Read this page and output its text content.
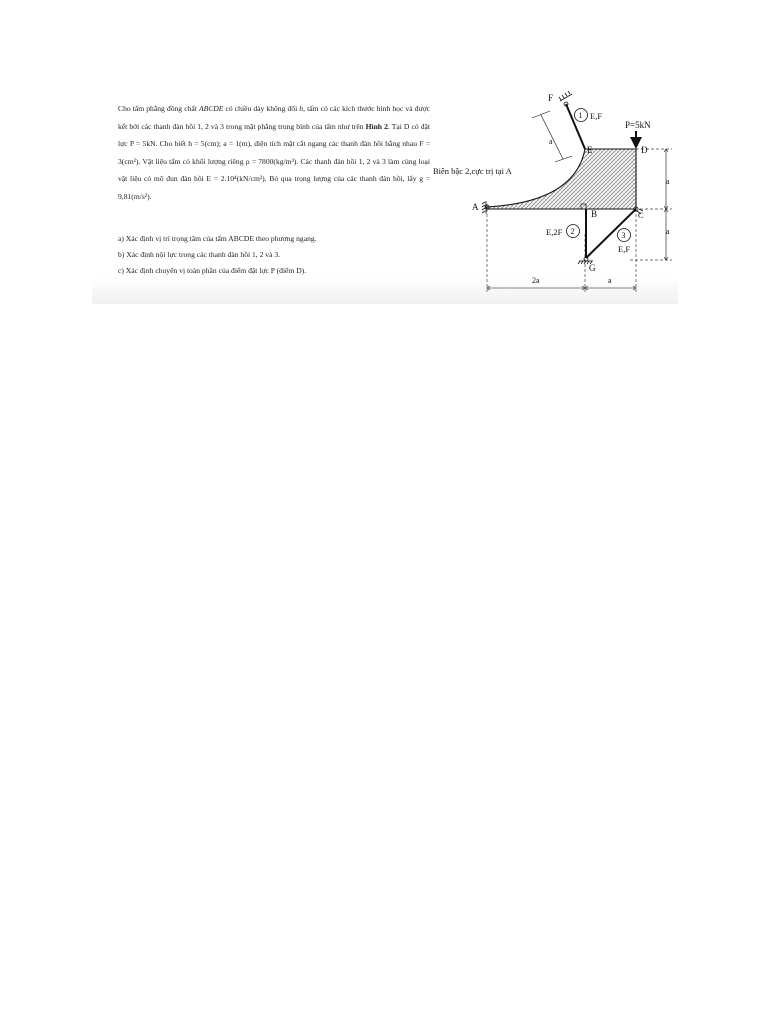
Cho tấm phẳng đồng chất ABCDE có chiều dày không đổi h, tấm có các kích thước hình học và được kết bởi các thanh đàn hồi 1, 2 và 3 trong mặt phẳng trung bình của tấm như trên Hình 2. Tại D có đặt lực P = 5kN. Cho biết h = 5(cm); a = 1(m), diện tích mặt cắt ngang các thanh đàn hồi bằng nhau F = 3(cm²). Vật liệu tấm có khối lượng riêng ρ = 7800(kg/m³). Các thanh đàn hồi 1, 2 và 3 làm cùng loại vật liệu có mô đun đàn hồi E = 2.10⁴(kN/cm²). Bỏ qua trọng lượng của các thanh đàn hồi, lấy g = 9,81(m/s²).

a) Xác định vị trí trọng tâm của tấm ABCDE theo phương ngang.
b) Xác định nội lực trong các thanh đàn hồi 1, 2 và 3.
c) Xác định chuyển vị toàn phần của điểm đặt lực P (điểm D).
P=5kN
a
a
a
2a	a
A
B	C
D
E
F
G
1 E,F
2
E,2F	3
E,F
Biên bậc 2,cực trị tại A
